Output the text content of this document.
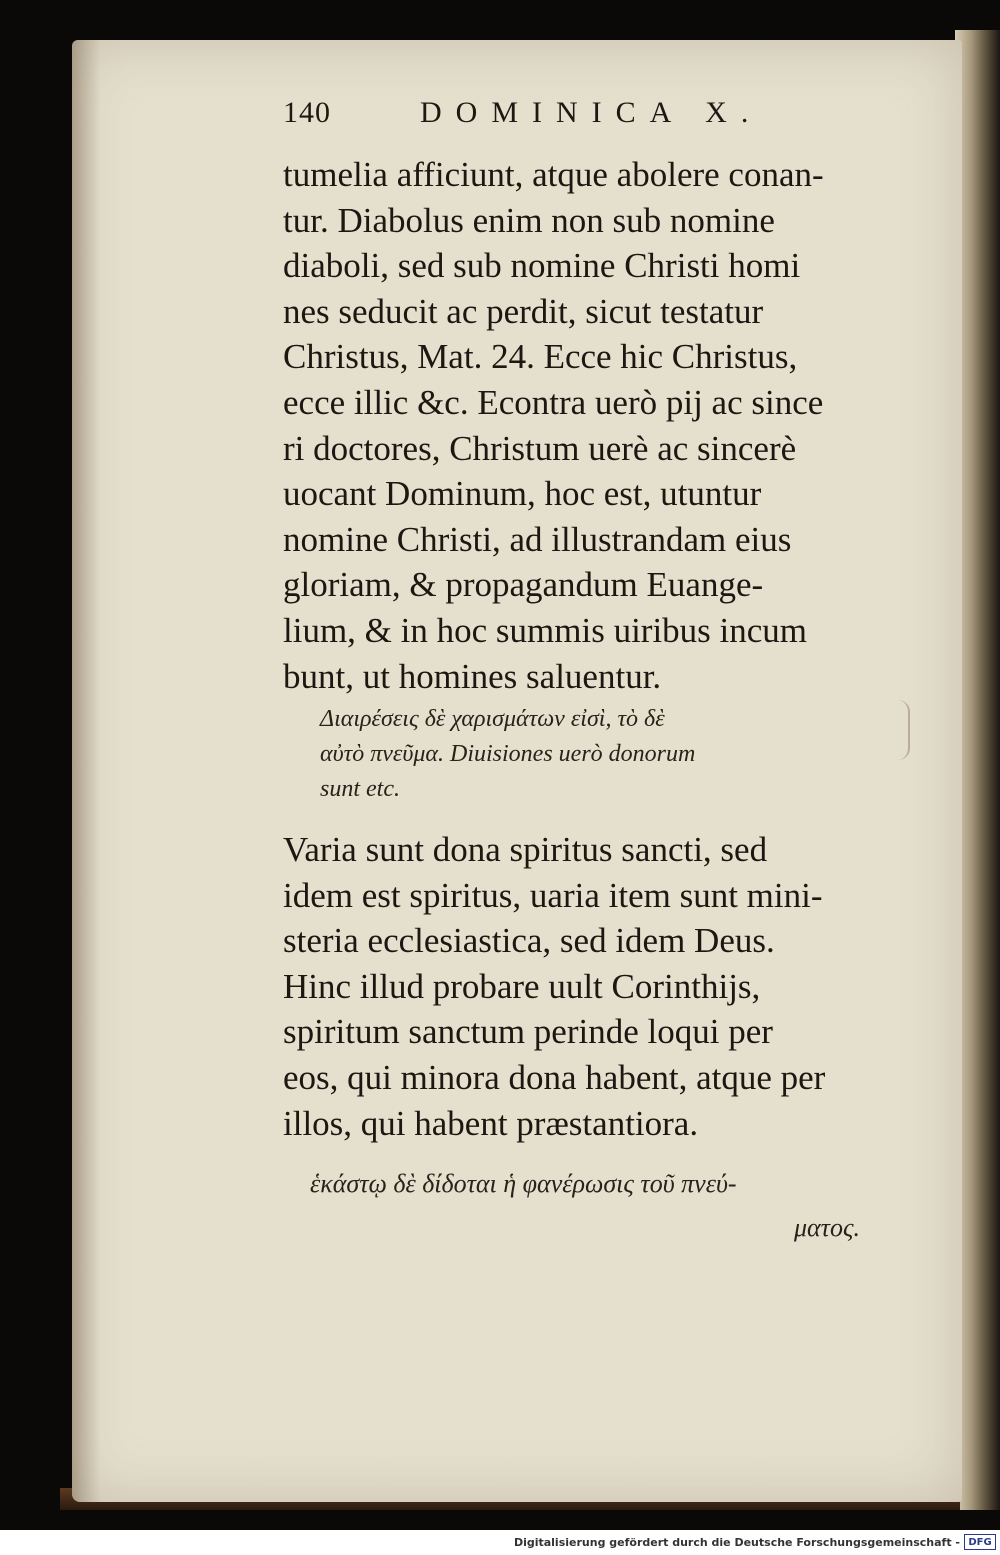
140	DOMINICA X.

tumelia afficiunt, atque abolere conan-
tur. Diabolus enim non sub nomine
diaboli, sed sub nomine Christi homi
nes seducit ac perdit, sicut testatur
Christus, Mat. 24. Ecce hic Christus,
ecce illic &c. Econtra uerò pij ac since
ri doctores, Christum uerè ac sincerè
uocant Dominum, hoc est, utuntur
nomine Christi, ad illustrandam eius
gloriam, & propagandum Euange-
lium, & in hoc summis uiribus incum
bunt, ut homines saluentur.

Διαιρέσεις δὲ χαρισμάτων εἰσὶ, τὸ δὲ
αὐτὸ πνεῦμα. Diuisiones uerò donorum
sunt etc.

Varia sunt dona spiritus sancti, sed
idem est spiritus, uaria item sunt mini-
steria ecclesiastica, sed idem Deus.
Hinc illud probare uult Corinthijs,
spiritum sanctum perinde loqui per
eos, qui minora dona habent, atque per
illos, qui habent præstantiora.

ἑκάστῳ δὲ δίδοται ἡ φανέρωσις τοῦ πνεύ-
ματος.

Digitalisierung gefördert durch die Deutsche Forschungsgemeinschaft - DFG
